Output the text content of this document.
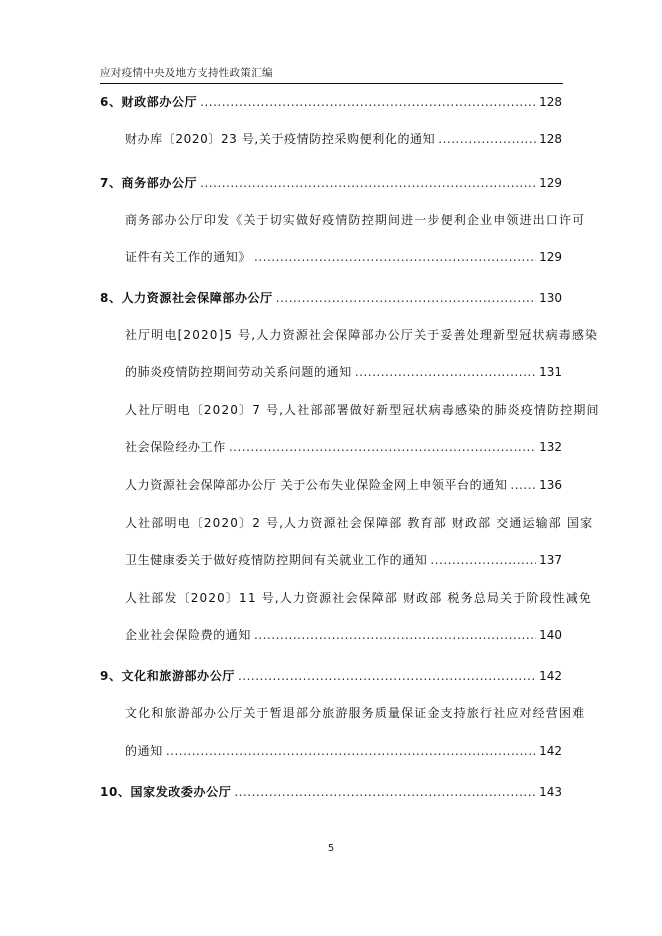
应对疫情中央及地方支持性政策汇编
6、财政部办公厅 .....	128
财办库〔2020〕23 号,关于疫情防控采购便利化的通知 .....	128
7、商务部办公厅 .....	129
商务部办公厅印发《关于切实做好疫情防控期间进一步便利企业申领进出口许可
证件有关工作的通知》 .....	129
8、人力资源社会保障部办公厅 .....	130
社厅明电[2020]5 号,人力资源社会保障部办公厅关于妥善处理新型冠状病毒感染
的肺炎疫情防控期间劳动关系问题的通知 .....	131
人社厅明电〔2020〕7 号,人社部部署做好新型冠状病毒感染的肺炎疫情防控期间
社会保险经办工作 .....	132
人力资源社会保障部办公厅 关于公布失业保险金网上申领平台的通知 .....	136
人社部明电〔2020〕2 号,人力资源社会保障部 教育部 财政部 交通运输部 国家
卫生健康委关于做好疫情防控期间有关就业工作的通知 .....	137
人社部发〔2020〕11 号,人力资源社会保障部 财政部 税务总局关于阶段性减免
企业社会保险费的通知 .....	140
9、文化和旅游部办公厅 .....	142
文化和旅游部办公厅关于暂退部分旅游服务质量保证金支持旅行社应对经营困难
的通知 .....	142
10、国家发改委办公厅 .....	143
5
